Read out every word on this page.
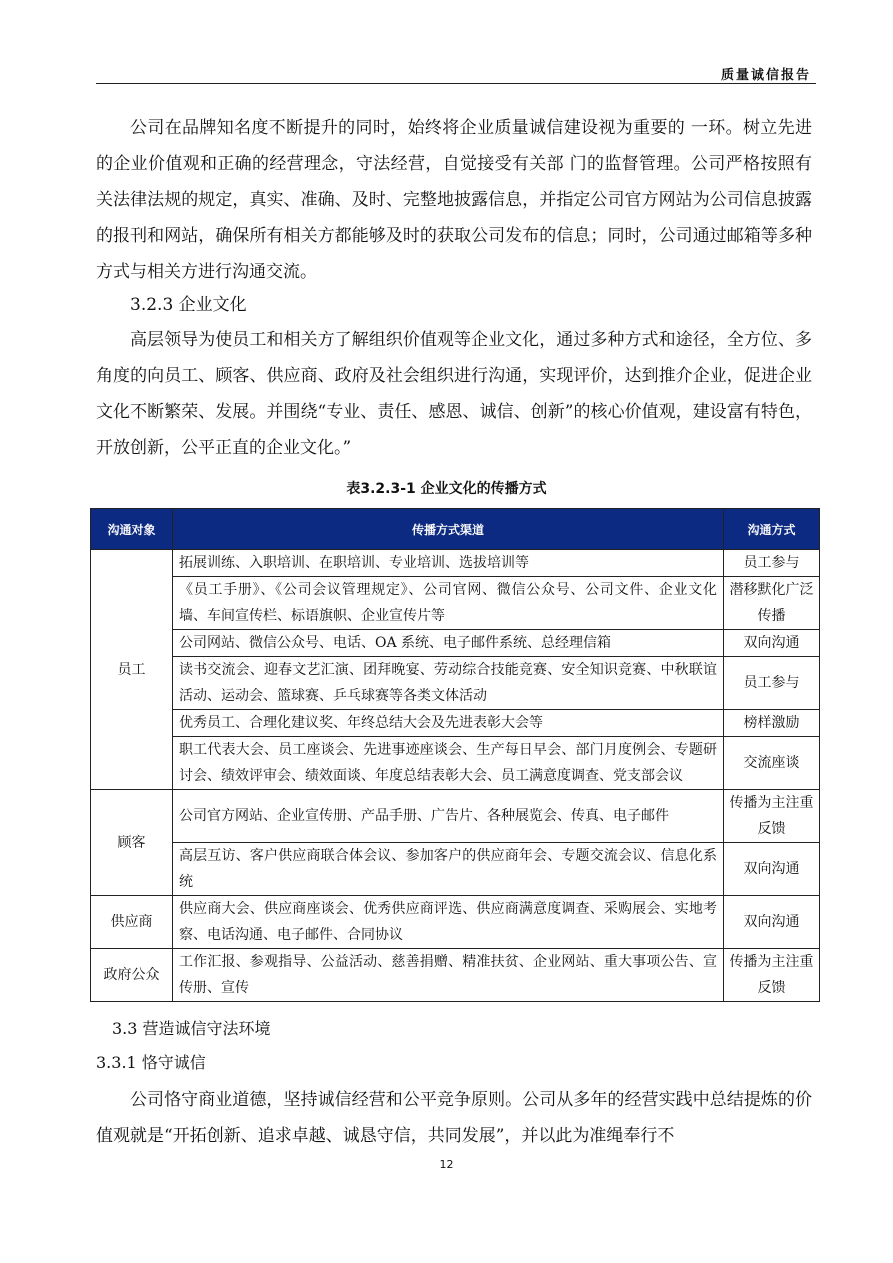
质量诚信报告

公司在品牌知名度不断提升的同时，始终将企业质量诚信建设视为重要的 一环。树立先进的企业价值观和正确的经营理念，守法经营，自觉接受有关部 门的监督管理。公司严格按照有关法律法规的规定，真实、准确、及时、完整地披露信息，并指定公司官方网站为公司信息披露的报刊和网站，确保所有相关方都能够及时的获取公司发布的信息；同时，公司通过邮箱等多种方式与相关方进行沟通交流。

3.2.3 企业文化

高层领导为使员工和相关方了解组织价值观等企业文化，通过多种方式和途径，全方位、多角度的向员工、顾客、供应商、政府及社会组织进行沟通，实现评价，达到推介企业，促进企业文化不断繁荣、发展。并围绕“专业、责任、感恩、诚信、创新”的核心价值观，建设富有特色，开放创新，公平正直的企业文化。”

表3.2.3-1 企业文化的传播方式
沟通对象	传播方式渠道	沟通方式
员工	拓展训练、入职培训、在职培训、专业培训、选拔培训等	员工参与
	《员工手册》、《公司会议管理规定》、公司官网、微信公众号、公司文件、企业文化墙、车间宣传栏、标语旗帜、企业宣传片等	潜移默化广泛传播
	公司网站、微信公众号、电话、OA 系统、电子邮件系统、总经理信箱	双向沟通
	读书交流会、迎春文艺汇演、团拜晚宴、劳动综合技能竞赛、安全知识竞赛、中秋联谊活动、运动会、篮球赛、乒乓球赛等各类文体活动	员工参与
	优秀员工、合理化建议奖、年终总结大会及先进表彰大会等	榜样激励
	职工代表大会、员工座谈会、先进事迹座谈会、生产每日早会、部门月度例会、专题研讨会、绩效评审会、绩效面谈、年度总结表彰大会、员工满意度调查、党支部会议	交流座谈
顾客	公司官方网站、企业宣传册、产品手册、广告片、各种展览会、传真、电子邮件	传播为主注重反馈
	高层互访、客户供应商联合体会议、参加客户的供应商年会、专题交流会议、信息化系统	双向沟通
供应商	供应商大会、供应商座谈会、优秀供应商评选、供应商满意度调查、采购展会、实地考察、电话沟通、电子邮件、合同协议	双向沟通
政府公众	工作汇报、参观指导、公益活动、慈善捐赠、精准扶贫、企业网站、重大事项公告、宣传册、宣传	传播为主注重反馈

3.3 营造诚信守法环境

3.3.1 恪守诚信

公司恪守商业道德，坚持诚信经营和公平竞争原则。公司从多年的经营实践中总结提炼的价值观就是“开拓创新、追求卓越、诚恳守信，共同发展”，并以此为准绳奉行不

12
